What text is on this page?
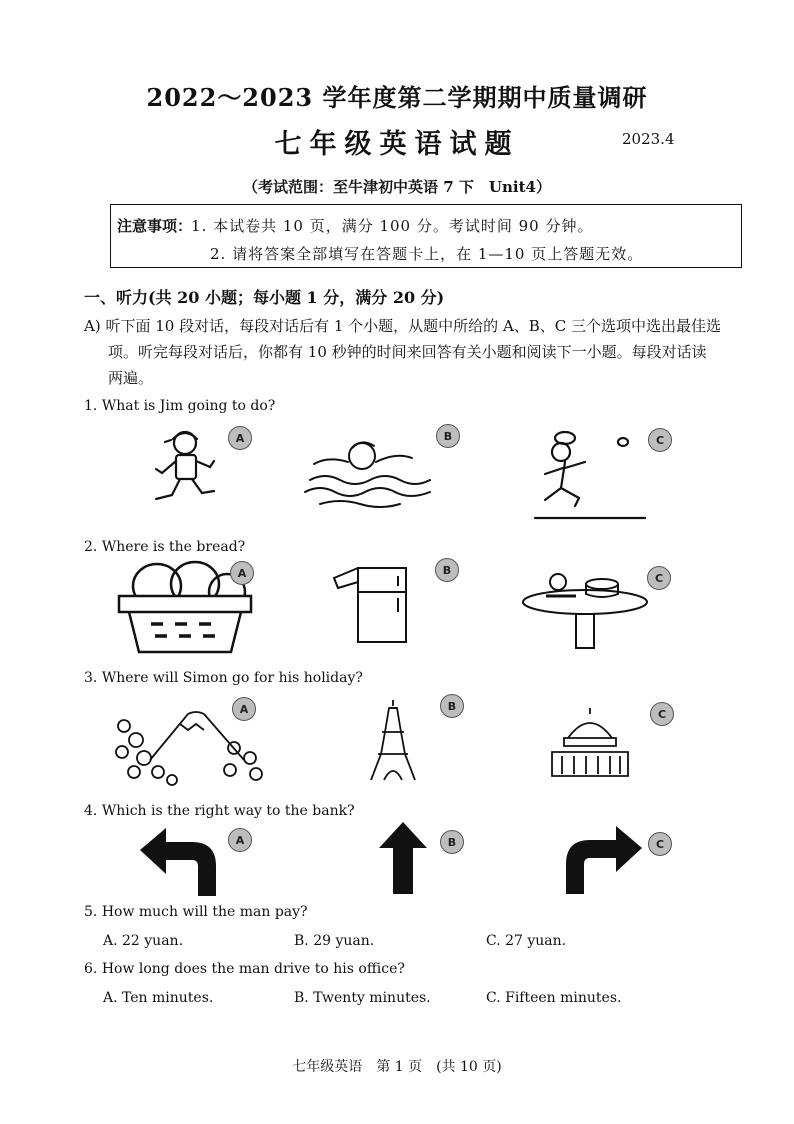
2022～2023 学年度第二学期期中质量调研
七年级英语试题	2023.4
（考试范围：至牛津初中英语 7 下　Unit4）
注意事项：
1. 本试卷共 10 页，满分 100 分。考试时间 90 分钟。
2. 请将答案全部填写在答题卡上，在 1—10 页上答题无效。
一、听力(共 20 小题；每小题 1 分，满分 20 分)
A) 听下面 10 段对话，每段对话后有 1 个小题，从题中所给的 A、B、C 三个选项中选出最佳选
项。听完每段对话后，你都有 10 秒钟的时间来回答有关小题和阅读下一小题。每段对话读
两遍。
1. What is Jim going to do?
A	B	C
2. Where is the bread?
A	B
C
3. Where will Simon go for his holiday?
A	B
C
4. Which is the right way to the bank?
A	B	C
5. How much will the man pay?
A. 22 yuan.	B. 29 yuan.	C. 27 yuan.
6. How long does the man drive to his office?
A. Ten minutes.	B. Twenty minutes.	C. Fifteen minutes.
七年级英语　第 1 页　(共 10 页)
